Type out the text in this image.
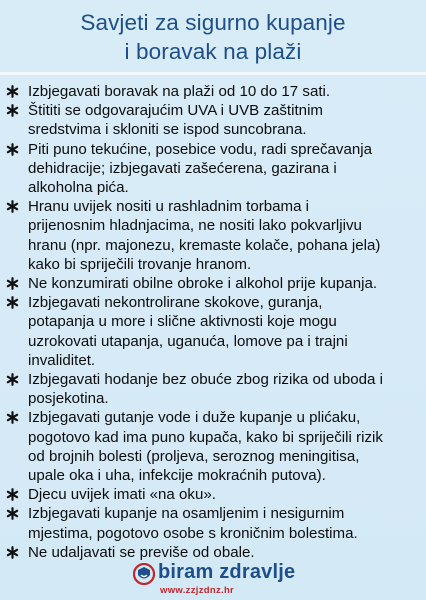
Savjeti za sigurno kupanje
i boravak na plaži
Izbjegavati boravak na plaži od 10 do 17 sati.
Štititi se odgovarajućim UVA i UVB zaštitnim
sredstvima i skloniti se ispod suncobrana.
Piti puno tekućine, posebice vodu, radi sprečavanja
dehidracije; izbjegavati zašećerena, gazirana i
alkoholna pića.
Hranu uvijek nositi u rashladnim torbama i
prijenosnim hladnjacima, ne nositi lako pokvarljivu
hranu (npr. majonezu, kremaste kolače, pohana jela)
kako bi spriječili trovanje hranom.
Ne konzumirati obilne obroke i alkohol prije kupanja.
Izbjegavati nekontrolirane skokove, guranja,
potapanja u more i slične aktivnosti koje mogu
uzrokovati utapanja, uganuća, lomove pa i trajni
invaliditet.
Izbjegavati hodanje bez obuće zbog rizika od uboda i
posjekotina.
Izbjegavati gutanje vode i duže kupanje u plićaku,
pogotovo kad ima puno kupača, kako bi spriječili rizik
od brojnih bolesti (proljeva, seroznog meningitisa,
upale oka i uha, infekcije mokraćnih putova).
Djecu uvijek imati «na oku».
Izbjegavati kupanje na osamljenim i nesigurnim
mjestima, pogotovo osobe s kroničnim bolestima.
Ne udaljavati se previše od obale.
biram zdravlje
www.zzjzdnz.hr
